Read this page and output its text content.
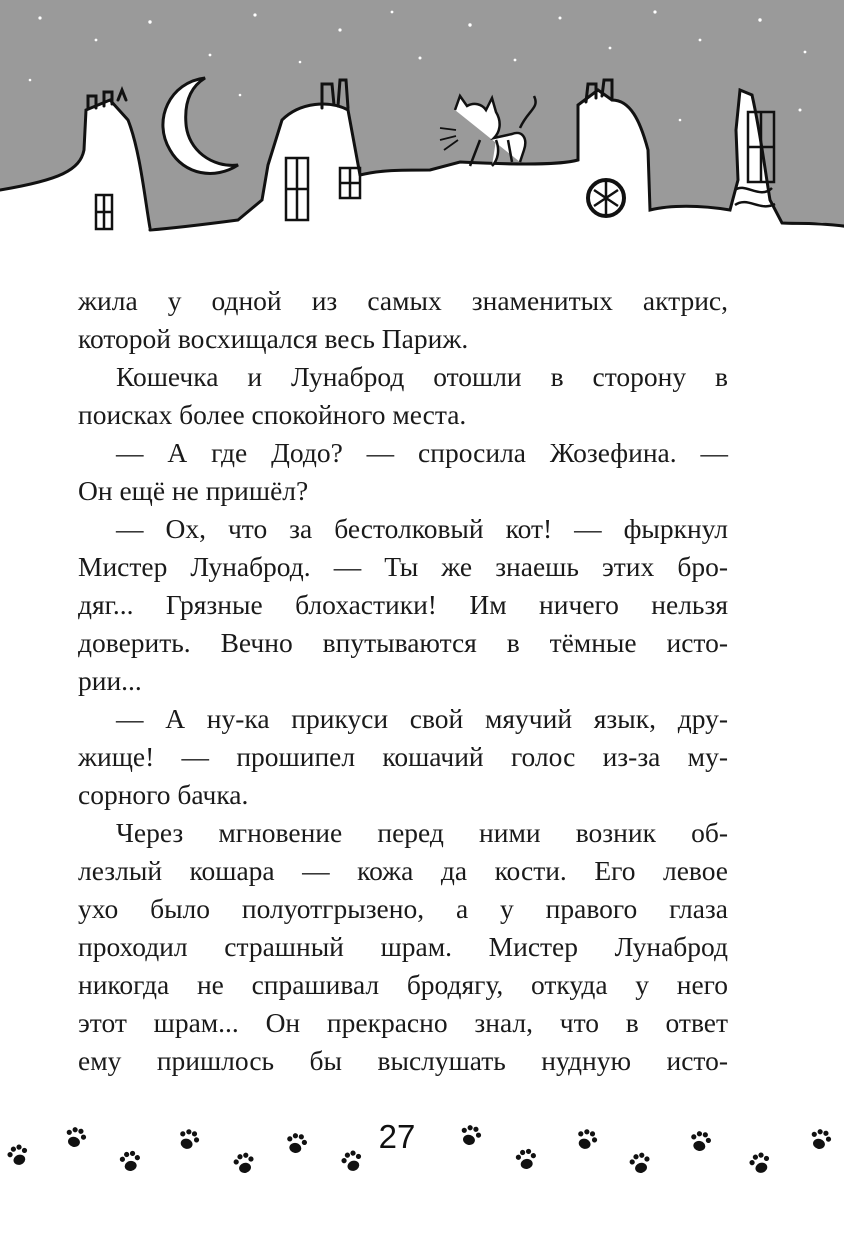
жила у одной из самых знаменитых актрис,
которой восхищался весь Париж.
Кошечка и Лунаброд отошли в сторону в
поисках более спокойного места.
— А где Додо? — спросила Жозефина. —
Он ещё не пришёл?
— Ох, что за бестолковый кот! — фыркнул
Мистер Лунаброд. — Ты же знаешь этих бро-
дяг... Грязные блохастики! Им ничего нельзя
доверить. Вечно впутываются в тёмные исто-
рии...
— А ну-ка прикуси свой мяучий язык, дру-
жище! — прошипел кошачий голос из-за му-
сорного бачка.
Через мгновение перед ними возник об-
лезлый кошара — кожа да кости. Его левое
ухо было полуотгрызено, а у правого глаза
проходил страшный шрам. Мистер Лунаброд
никогда не спрашивал бродягу, откуда у него
этот шрам... Он прекрасно знал, что в ответ
ему пришлось бы выслушать нудную исто-
27
